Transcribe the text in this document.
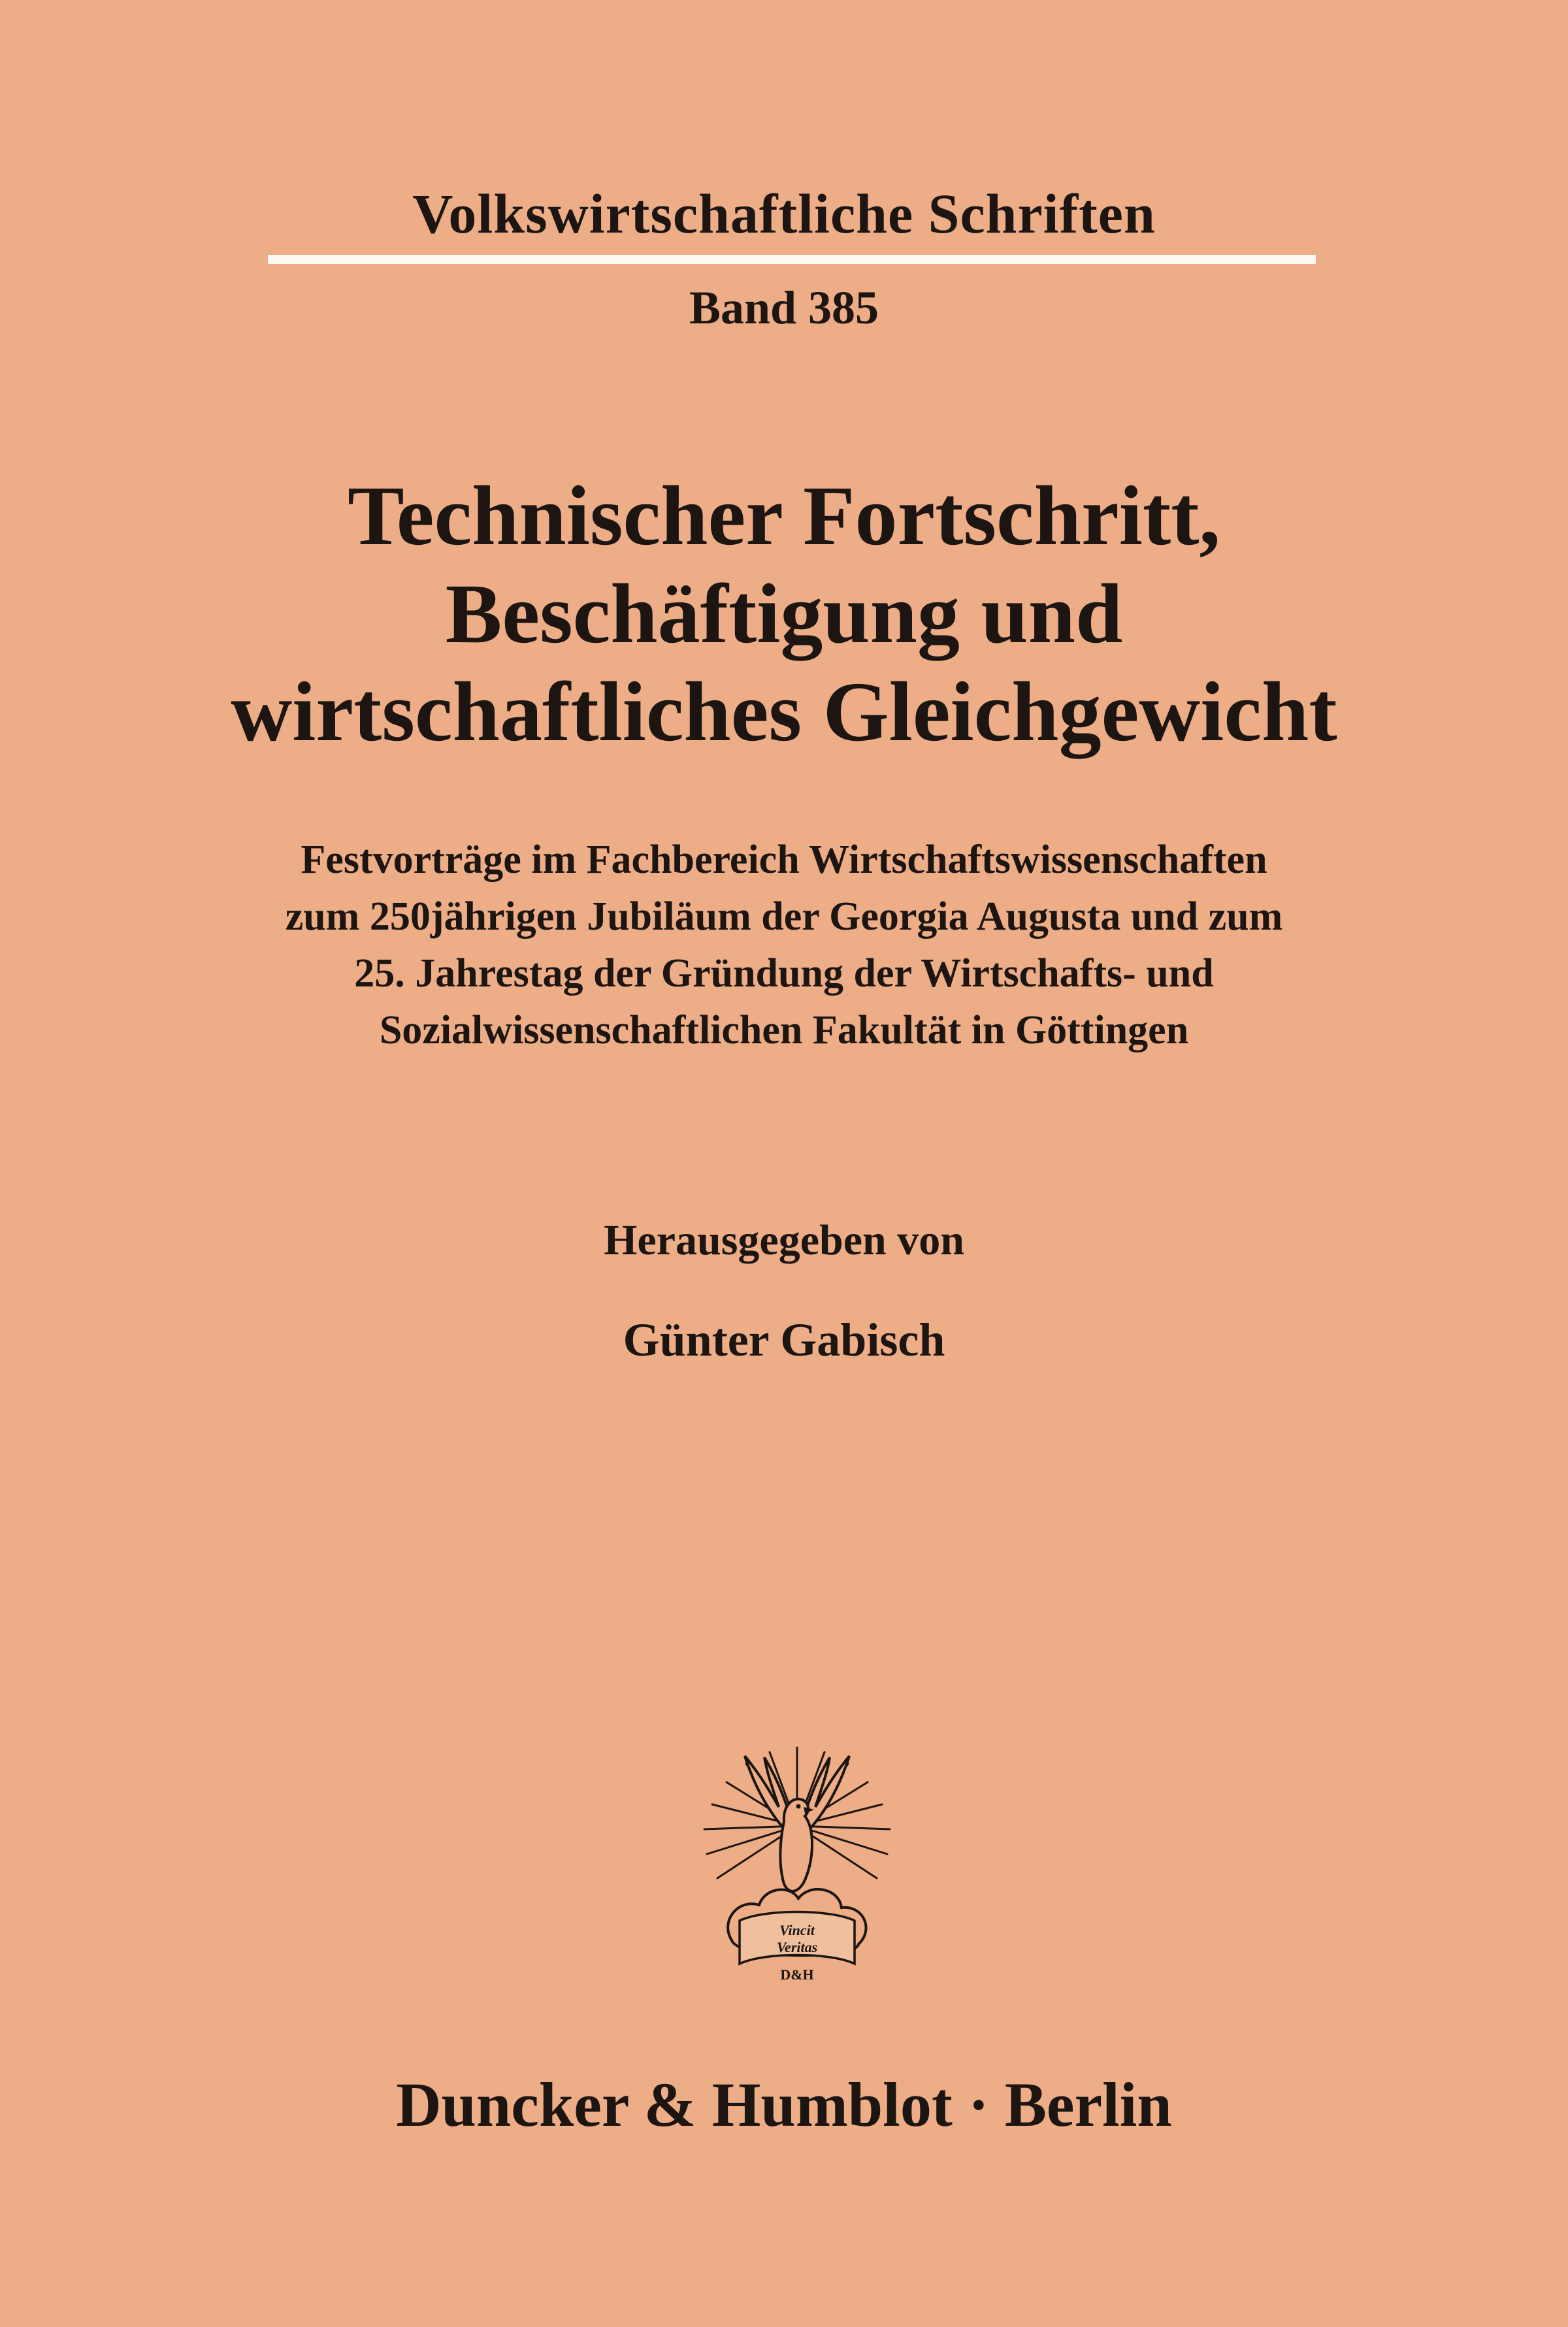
Volkswirtschaftliche Schriften
Band 385
Technischer Fortschritt,
Beschäftigung und
wirtschaftliches Gleichgewicht
Festvorträge im Fachbereich Wirtschaftswissenschaften
zum 250jährigen Jubiläum der Georgia Augusta und zum
25. Jahrestag der Gründung der Wirtschafts- und
Sozialwissenschaftlichen Fakultät in Göttingen
Herausgegeben von
Günter Gabisch
Vincit
Veritas
D&H
Duncker & Humblot · Berlin
